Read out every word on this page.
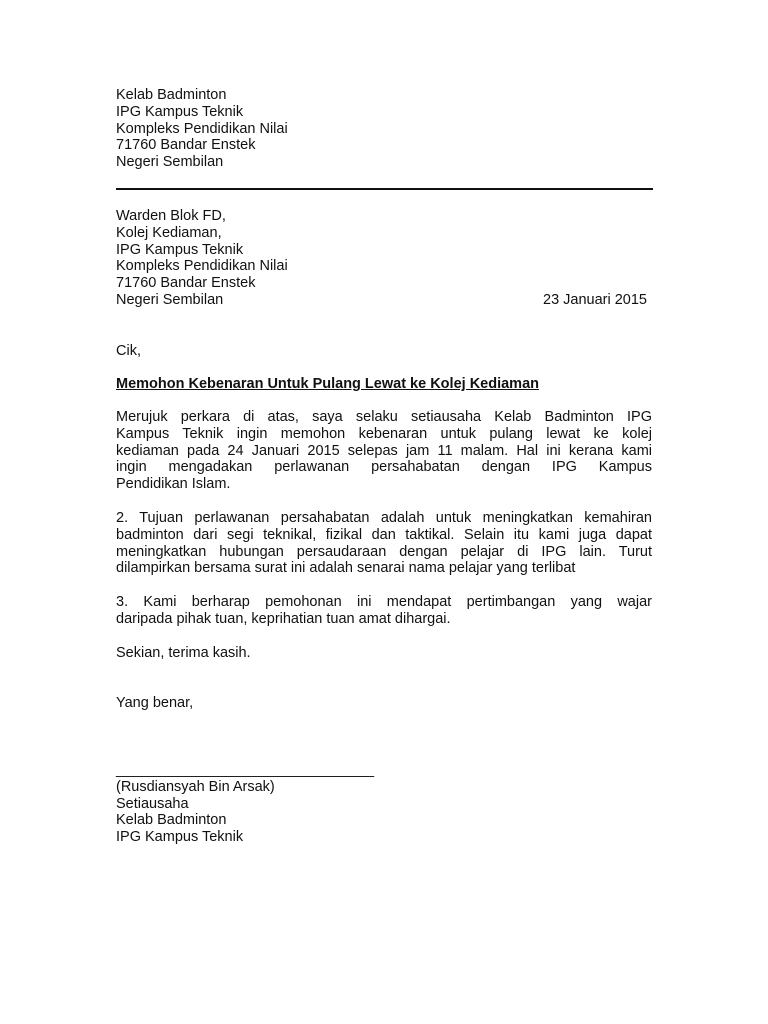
Kelab Badminton
IPG Kampus Teknik
Kompleks Pendidikan Nilai
71760 Bandar Enstek
Negeri Sembilan
Warden Blok FD,
Kolej Kediaman,
IPG Kampus Teknik
Kompleks Pendidikan Nilai
71760 Bandar Enstek
Negeri Sembilan	23 Januari 2015
Cik,
Memohon Kebenaran Untuk Pulang Lewat ke Kolej Kediaman
Merujuk perkara di atas, saya selaku setiausaha Kelab Badminton IPG
Kampus Teknik ingin memohon kebenaran untuk pulang lewat ke kolej
kediaman pada 24 Januari 2015 selepas jam 11 malam. Hal ini kerana kami
ingin mengadakan perlawanan persahabatan dengan IPG Kampus
Pendidikan Islam.
2. Tujuan perlawanan persahabatan adalah untuk meningkatkan kemahiran
badminton dari segi teknikal, fizikal dan taktikal. Selain itu kami juga dapat
meningkatkan hubungan persaudaraan dengan pelajar di IPG lain. Turut
dilampirkan bersama surat ini adalah senarai nama pelajar yang terlibat
3. Kami berharap pemohonan ini mendapat pertimbangan yang wajar
daripada pihak tuan, keprihatian tuan amat dihargai.
Sekian, terima kasih.
Yang benar,
________________________________
(Rusdiansyah Bin Arsak)
Setiausaha
Kelab Badminton
IPG Kampus Teknik
